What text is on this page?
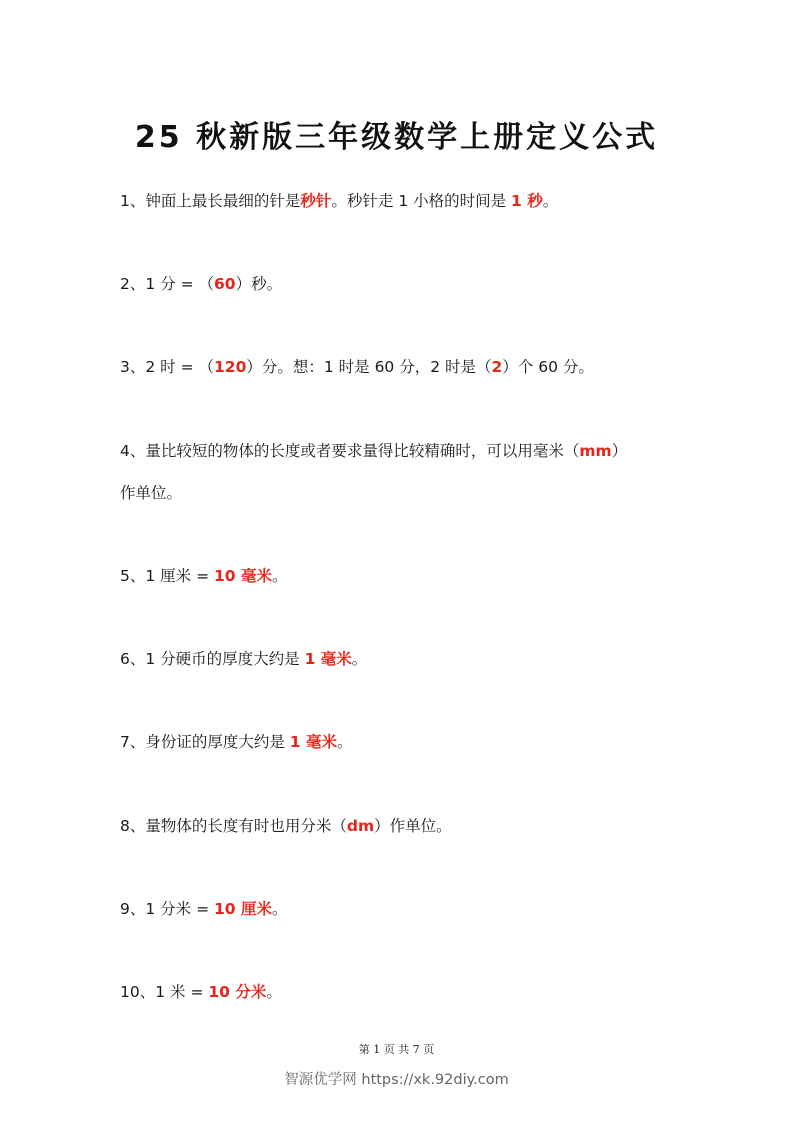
25 秋新版三年级数学上册定义公式
1、钟面上最长最细的针是秒针。秒针走 1 小格的时间是 1 秒。
2、1 分 = （60）秒。
3、2 时 = （120）分。想：1 时是 60 分，2 时是（2）个 60 分。
4、量比较短的物体的长度或者要求量得比较精确时，可以用毫米（mm）
作单位。
5、1 厘米 = 10 毫米。
6、1 分硬币的厚度大约是 1 毫米。
7、身份证的厚度大约是 1 毫米。
8、量物体的长度有时也用分米（dm）作单位。
9、1 分米 = 10 厘米。
10、1 米 = 10 分米。
第 1 页 共 7 页
智源优学网 https://xk.92diy.com
